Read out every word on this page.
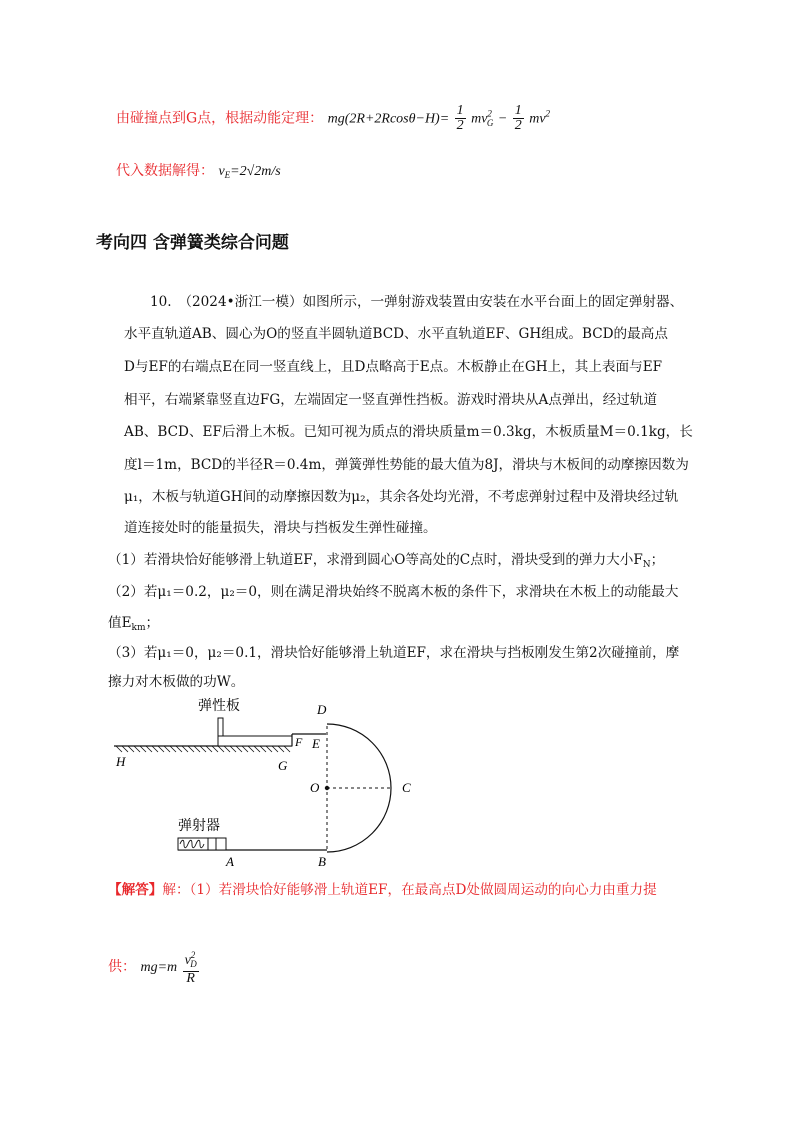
由碰撞点到G点，根据动能定理： $mg(2R+2Rcos\theta-H)= \frac{1}{2} mv^2_G - \frac{1}{2} mv^2$
代入数据解得： $v_E=2√2m/s$
考向四 含弹簧类综合问题
10.　（2024•浙江一模）如图所示，一弹射游戏装置由安装在水平台面上的固定弹射器、
水平直轨道AB、圆心为O的竖直半圆轨道BCD、水平直轨道EF、GH组成。BCD的最高点
D与EF的右端点E在同一竖直线上，且D点略高于E点。木板静止在GH上，其上表面与EF
相平，右端紧靠竖直边FG，左端固定一竖直弹性挡板。游戏时滑块从A点弹出，经过轨道
AB、BCD、EF后滑上木板。已知可视为质点的滑块质量m＝0.3kg，木板质量M＝0.1kg，长
度l＝1m，BCD的半径R＝0.4m，弹簧弹性势能的最大值为8J，滑块与木板间的动摩擦因数为
μ₁，木板与轨道GH间的动摩擦因数为μ₂，其余各处均光滑，不考虑弹射过程中及滑块经过轨
道连接处时的能量损失，滑块与挡板发生弹性碰撞。
（1）若滑块恰好能够滑上轨道EF，求滑到圆心O等高处的C点时，滑块受到的弹力大小$F_N$；
（2）若μ₁＝0.2，μ₂＝0，则在满足滑块始终不脱离木板的条件下，求滑块在木板上的动能最大
值$E_{km}$；
（3）若μ₁＝0，μ₂＝0.1，滑块恰好能够滑上轨道EF，求在滑块与挡板刚发生第2次碰撞前，摩
擦力对木板做的功W。
弹性板
弹射器
D
E
F
G
H
O	C
A	B
【解答】解：（1）若滑块恰好能够滑上轨道EF，在最高点D处做圆周运动的向心力由重力提
供： $mg=m \frac{v^2_D}{R}$
